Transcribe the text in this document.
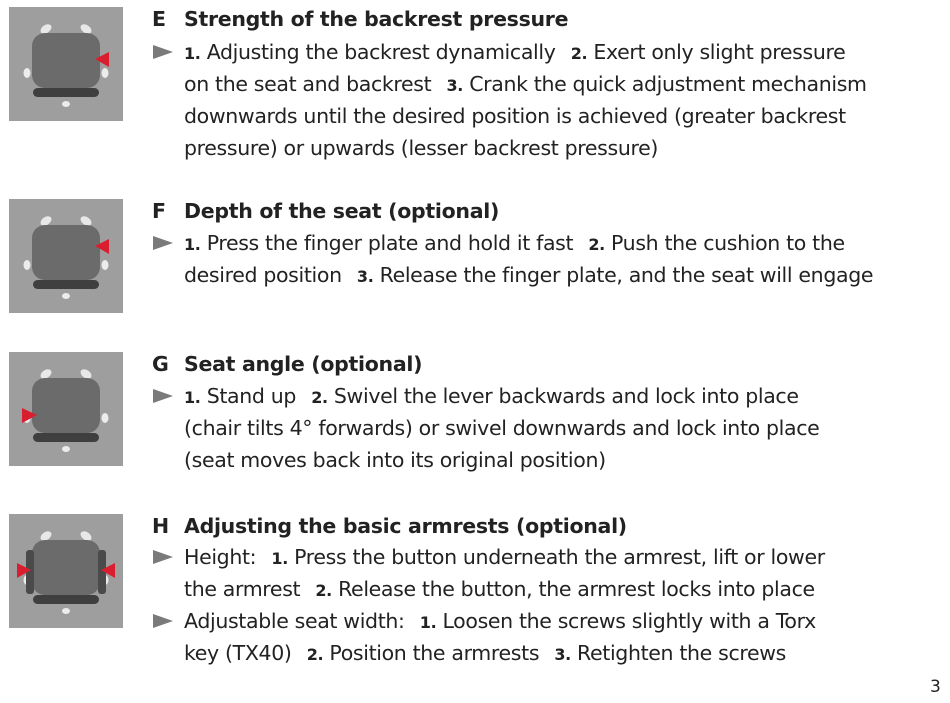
E Strength of the backrest pressure
1. Adjusting the backrest dynamically 2. Exert only slight pressure
on the seat and backrest 3. Crank the quick adjustment mechanism
downwards until the desired position is achieved (greater backrest
pressure) or upwards (lesser backrest pressure)
F Depth of the seat (optional)
1. Press the finger plate and hold it fast 2. Push the cushion to the
desired position 3. Release the finger plate, and the seat will engage
G Seat angle (optional)
1. Stand up 2. Swivel the lever backwards and lock into place
(chair tilts 4° forwards) or swivel downwards and lock into place
(seat moves back into its original position)
H Adjusting the basic armrests (optional)
Height: 1. Press the button underneath the armrest, lift or lower
the armrest 2. Release the button, the armrest locks into place
Adjustable seat width: 1. Loosen the screws slightly with a Torx
key (TX40) 2. Position the armrests 3. Retighten the screws
3
